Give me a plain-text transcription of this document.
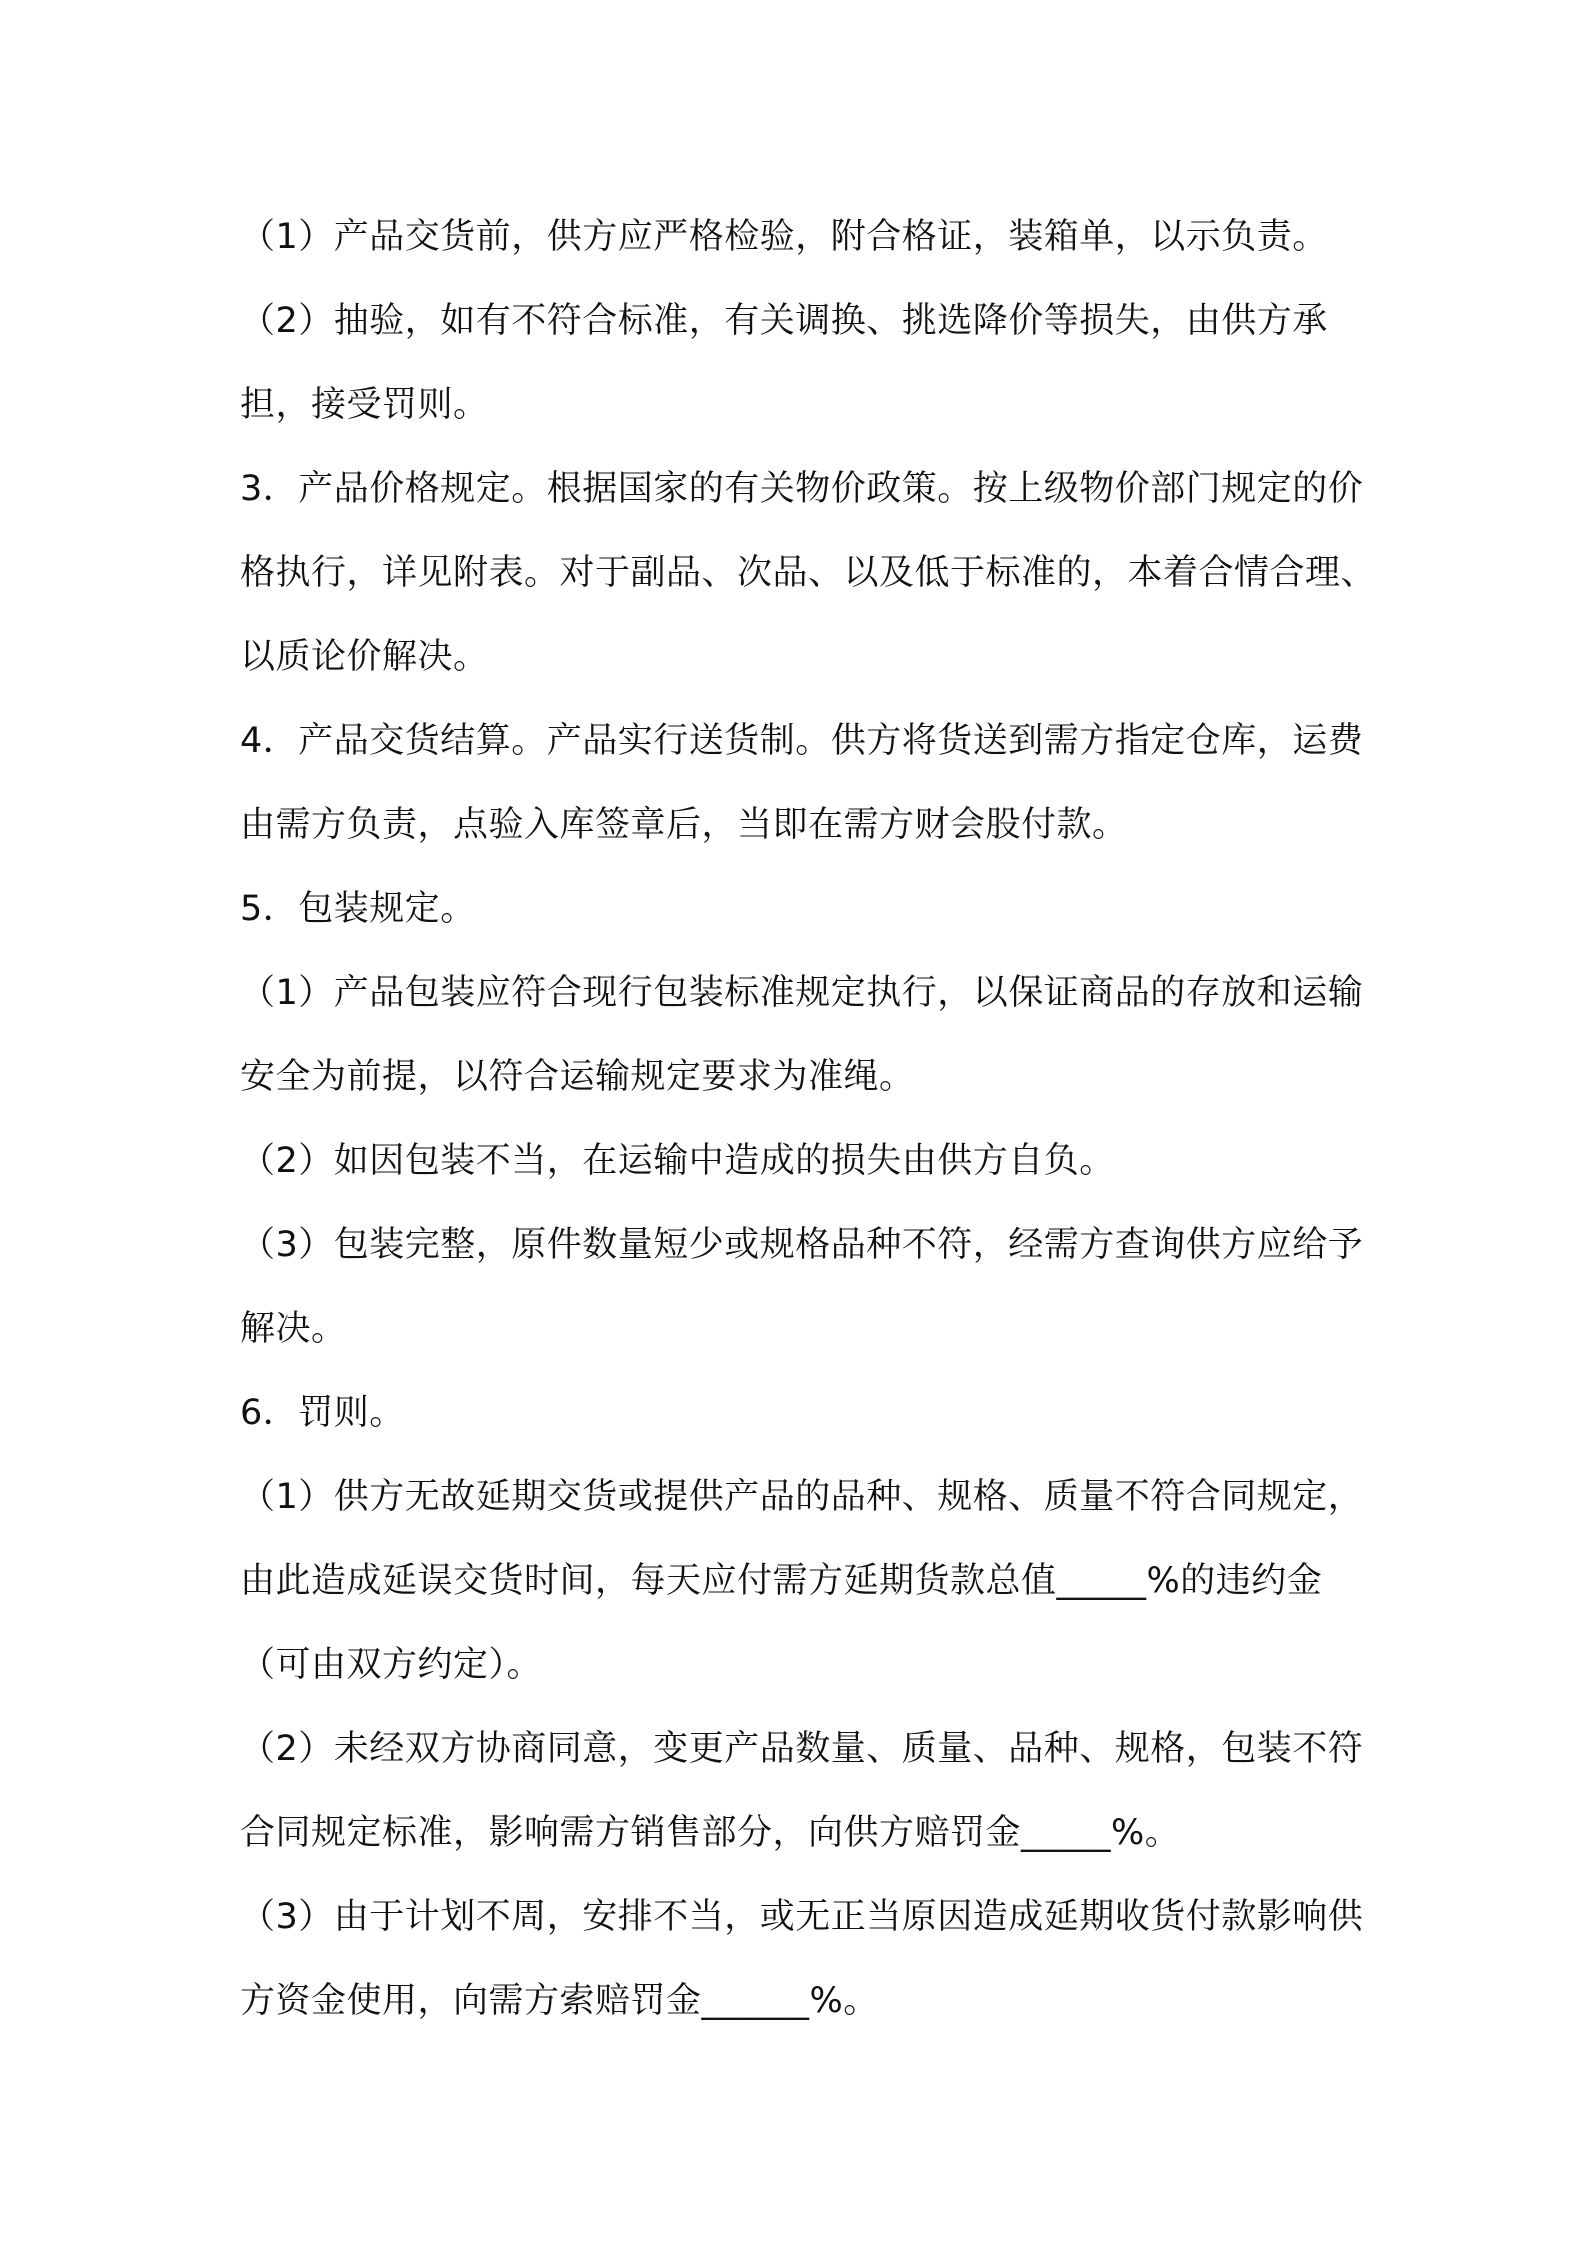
（1）产品交货前，供方应严格检验，附合格证，装箱单，以示负责。

（2）抽验，如有不符合标准，有关调换、挑选降价等损失，由供方承担，接受罚则。

3．产品价格规定。根据国家的有关物价政策。按上级物价部门规定的价格执行，详见附表。对于副品、次品、以及低于标准的，本着合情合理、以质论价解决。

4．产品交货结算。产品实行送货制。供方将货送到需方指定仓库，运费由需方负责，点验入库签章后，当即在需方财会股付款。

5．包装规定。

（1）产品包装应符合现行包装标准规定执行，以保证商品的存放和运输安全为前提，以符合运输规定要求为准绳。

（2）如因包装不当，在运输中造成的损失由供方自负。

（3）包装完整，原件数量短少或规格品种不符，经需方查询供方应给予解决。

6．罚则。

（1）供方无故延期交货或提供产品的品种、规格、质量不符合同规定，由此造成延误交货时间，每天应付需方延期货款总值_____%的违约金（可由双方约定）。

（2）未经双方协商同意，变更产品数量、质量、品种、规格，包装不符合同规定标准，影响需方销售部分，向供方赔罚金_____%。

（3）由于计划不周，安排不当，或无正当原因造成延期收货付款影响供方资金使用，向需方索赔罚金______%。
